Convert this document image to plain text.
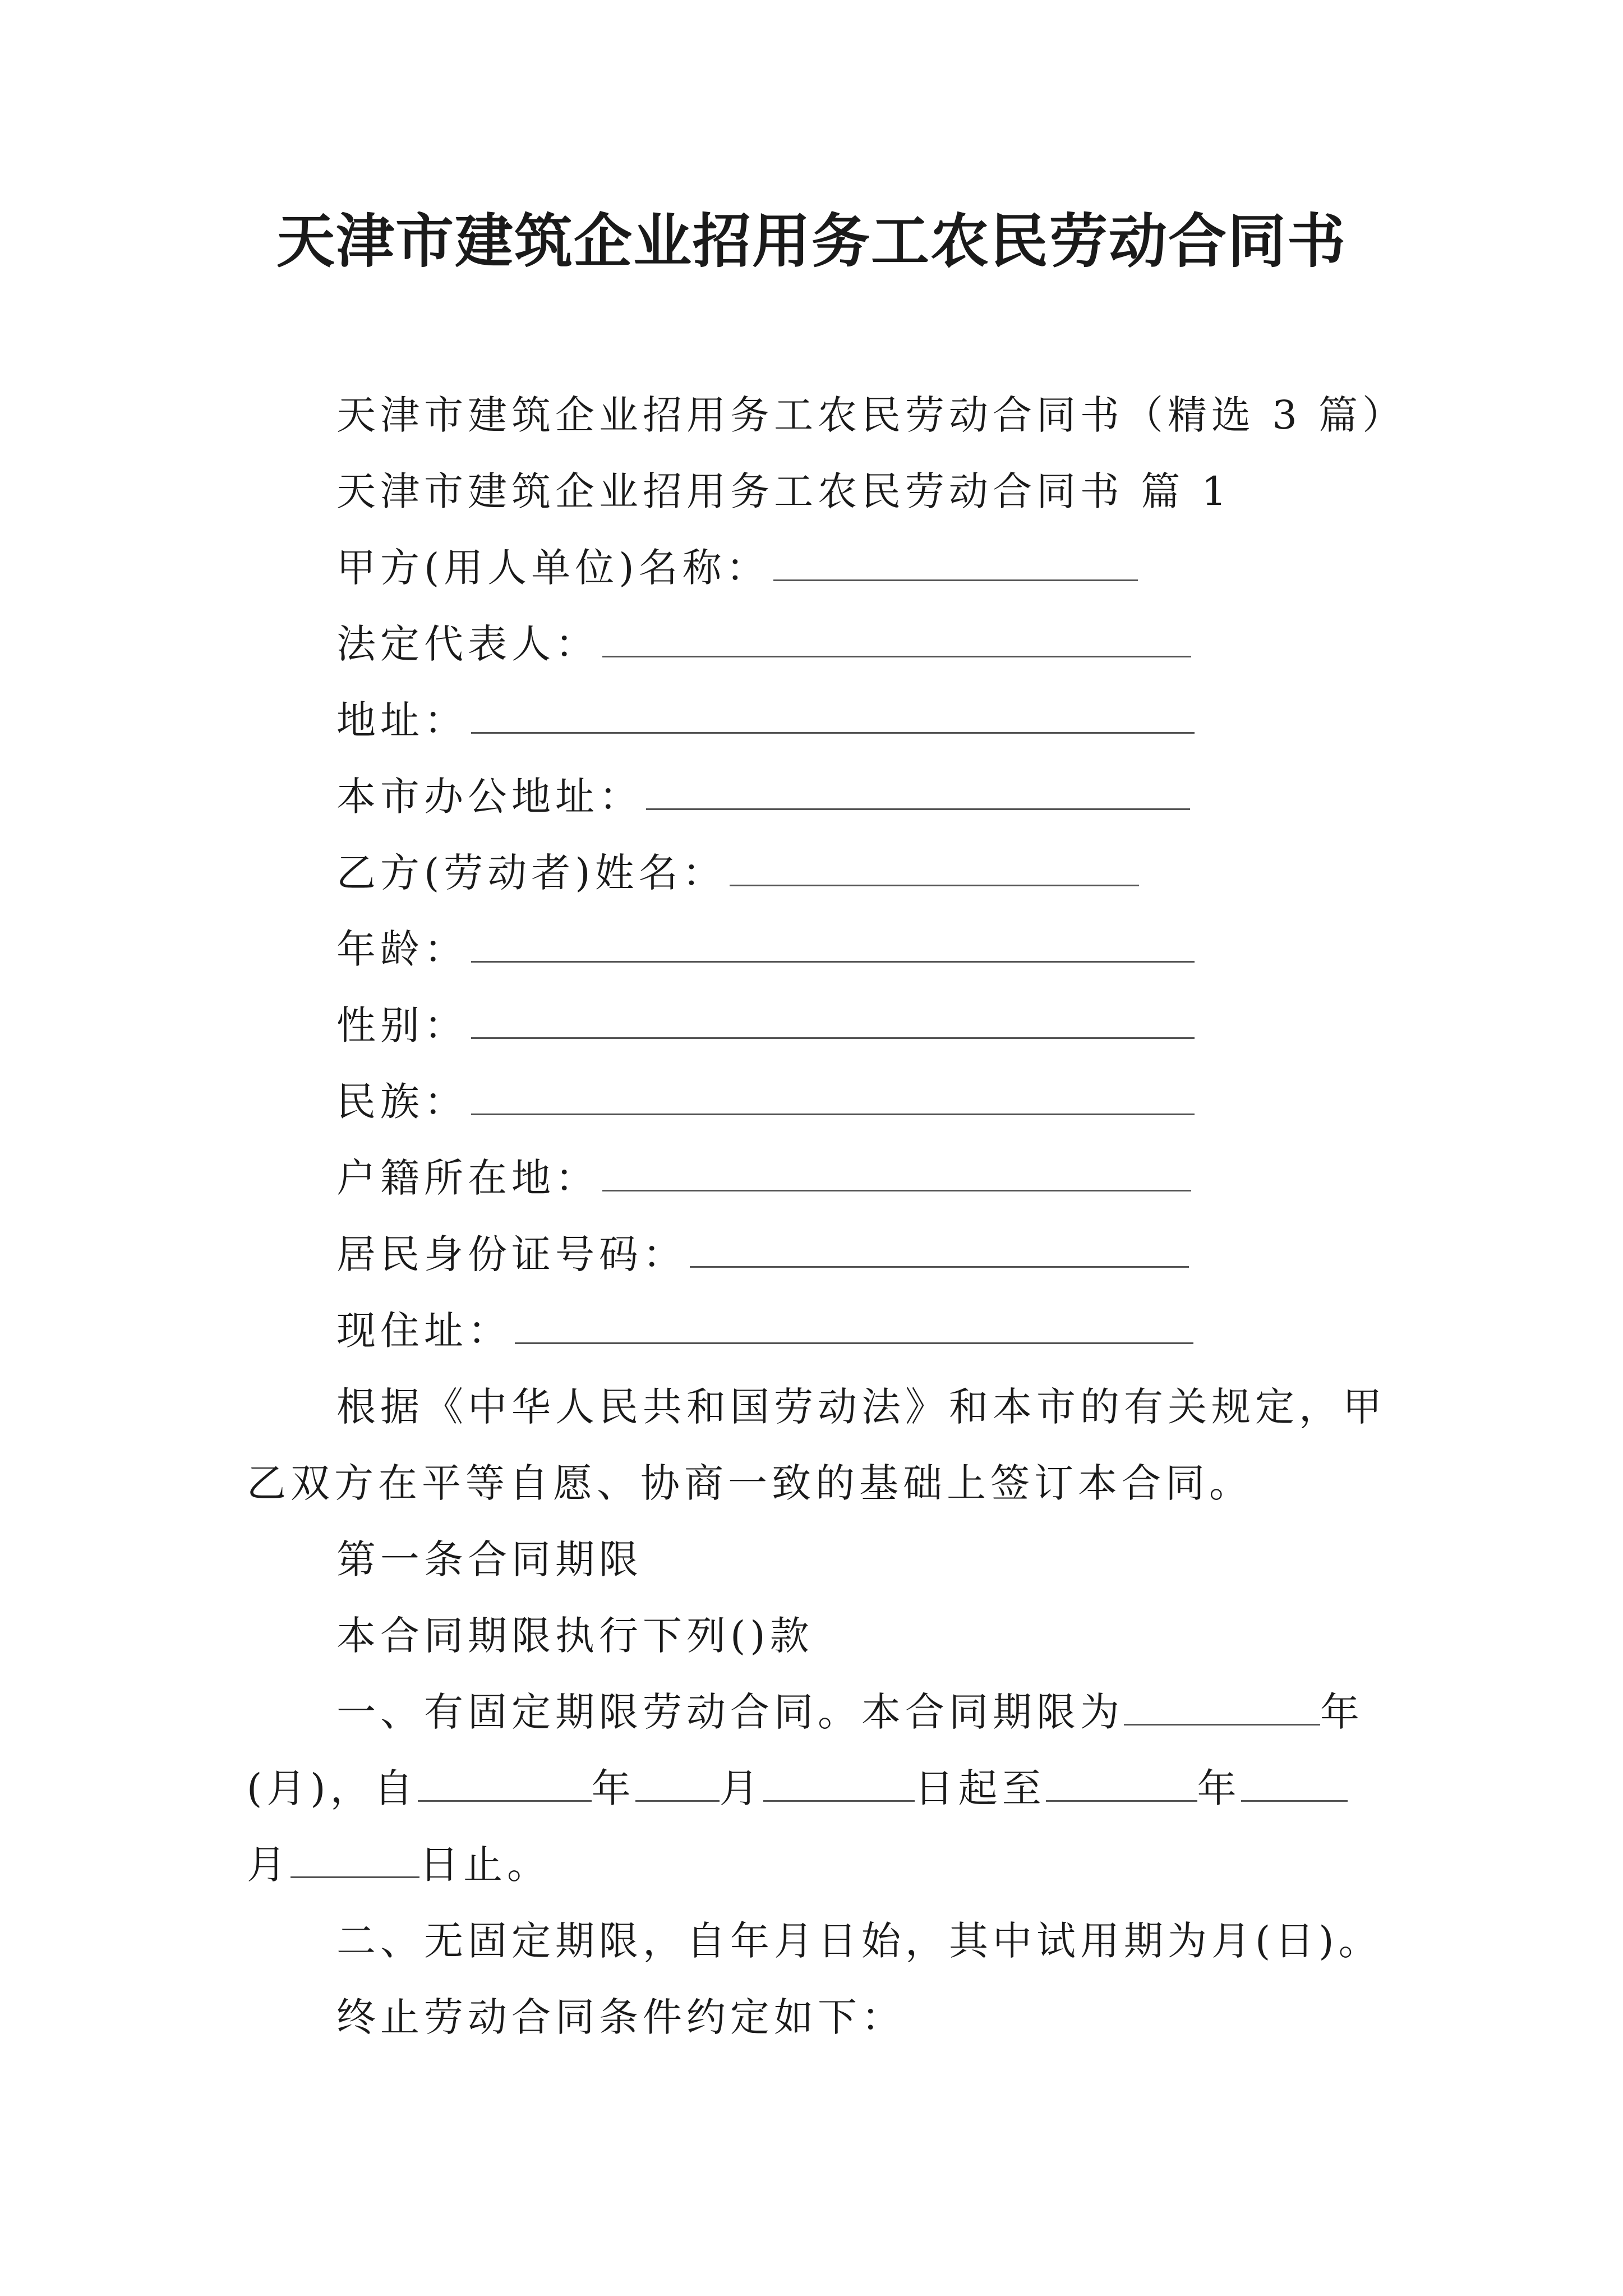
天津市建筑企业招用务工农民劳动合同书
天津市建筑企业招用务工农民劳动合同书（精选 3 篇）
天津市建筑企业招用务工农民劳动合同书 篇 1
甲方(用人单位)名称：
法定代表人：
地址：
本市办公地址：
乙方(劳动者)姓名：
年龄：
性别：
民族：
户籍所在地：
居民身份证号码：
现住址：
根据《中华人民共和国劳动法》和本市的有关规定，甲
乙双方在平等自愿、协商一致的基础上签订本合同。
第一条合同期限
本合同期限执行下列()款
一、有固定期限劳动合同。本合同期限为	年
(月)，自	年 月	日起至	年
月	日止。
二、无固定期限，自年月日始，其中试用期为月(日)。
终止劳动合同条件约定如下：
